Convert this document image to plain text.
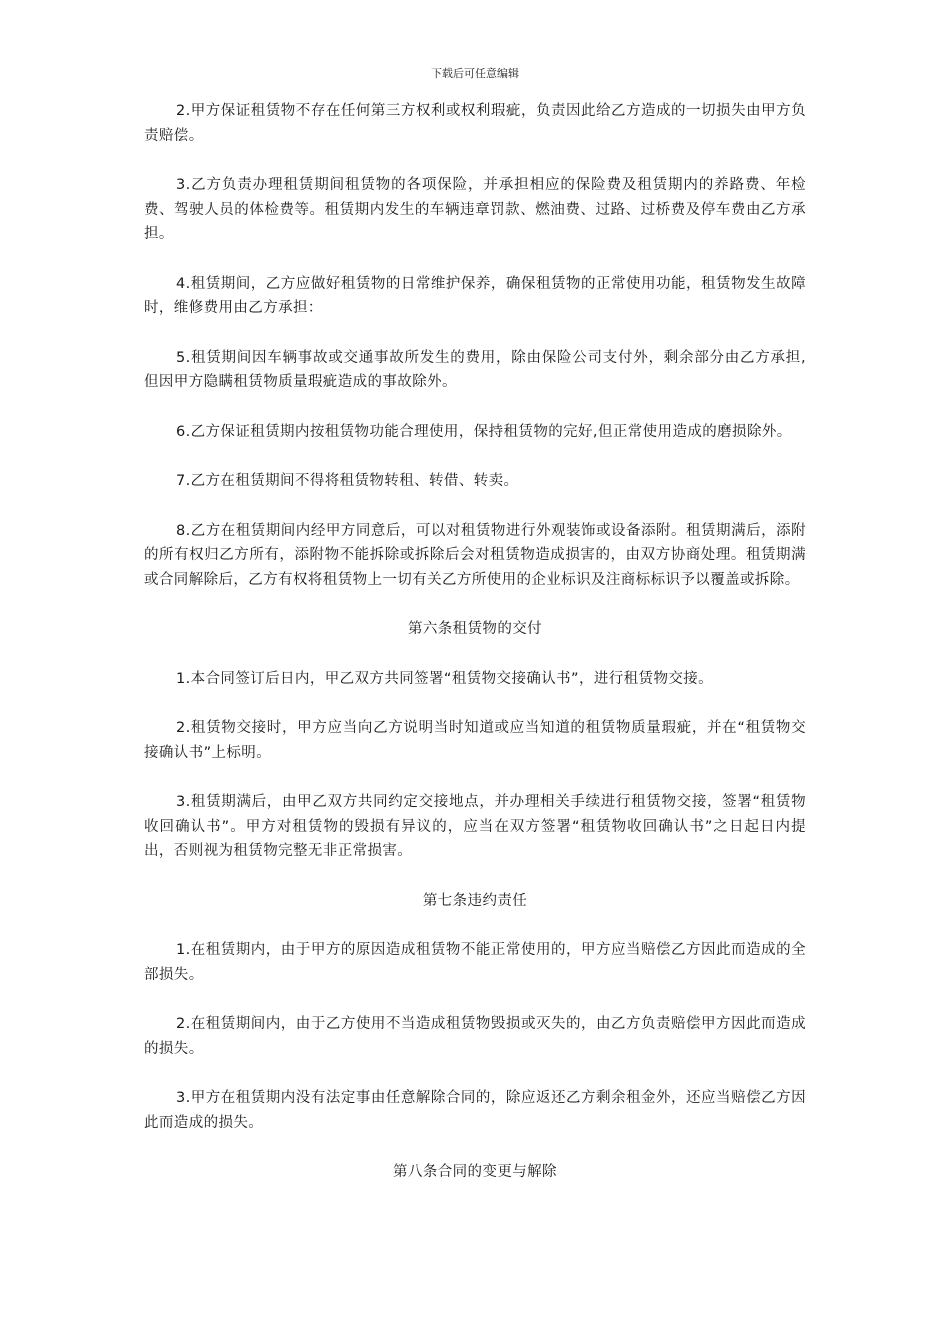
下载后可任意编辑

2.甲方保证租赁物不存在任何第三方权利或权利瑕疵，负责因此给乙方造成的一切损失由甲方负责赔偿。

3.乙方负责办理租赁期间租赁物的各项保险，并承担相应的保险费及租赁期内的养路费、年检费、驾驶人员的体检费等。租赁期内发生的车辆违章罚款、燃油费、过路、过桥费及停车费由乙方承担。

4.租赁期间，乙方应做好租赁物的日常维护保养，确保租赁物的正常使用功能，租赁物发生故障时，维修费用由乙方承担：

5.租赁期间因车辆事故或交通事故所发生的费用，除由保险公司支付外，剩余部分由乙方承担,但因甲方隐瞒租赁物质量瑕疵造成的事故除外。

6.乙方保证租赁期内按租赁物功能合理使用，保持租赁物的完好,但正常使用造成的磨损除外。

7.乙方在租赁期间不得将租赁物转租、转借、转卖。

8.乙方在租赁期间内经甲方同意后，可以对租赁物进行外观装饰或设备添附。租赁期满后，添附的所有权归乙方所有，添附物不能拆除或拆除后会对租赁物造成损害的，由双方协商处理。租赁期满或合同解除后，乙方有权将租赁物上一切有关乙方所使用的企业标识及注商标标识予以覆盖或拆除。

第六条租赁物的交付

1.本合同签订后日内，甲乙双方共同签署“租赁物交接确认书”，进行租赁物交接。

2.租赁物交接时，甲方应当向乙方说明当时知道或应当知道的租赁物质量瑕疵，并在“租赁物交接确认书”上标明。

3.租赁期满后，由甲乙双方共同约定交接地点，并办理相关手续进行租赁物交接，签署“租赁物收回确认书”。甲方对租赁物的毁损有异议的，应当在双方签署“租赁物收回确认书”之日起日内提出，否则视为租赁物完整无非正常损害。

第七条违约责任

1.在租赁期内，由于甲方的原因造成租赁物不能正常使用的，甲方应当赔偿乙方因此而造成的全部损失。

2.在租赁期间内，由于乙方使用不当造成租赁物毁损或灭失的，由乙方负责赔偿甲方因此而造成的损失。

3.甲方在租赁期内没有法定事由任意解除合同的，除应返还乙方剩余租金外，还应当赔偿乙方因此而造成的损失。

第八条合同的变更与解除
